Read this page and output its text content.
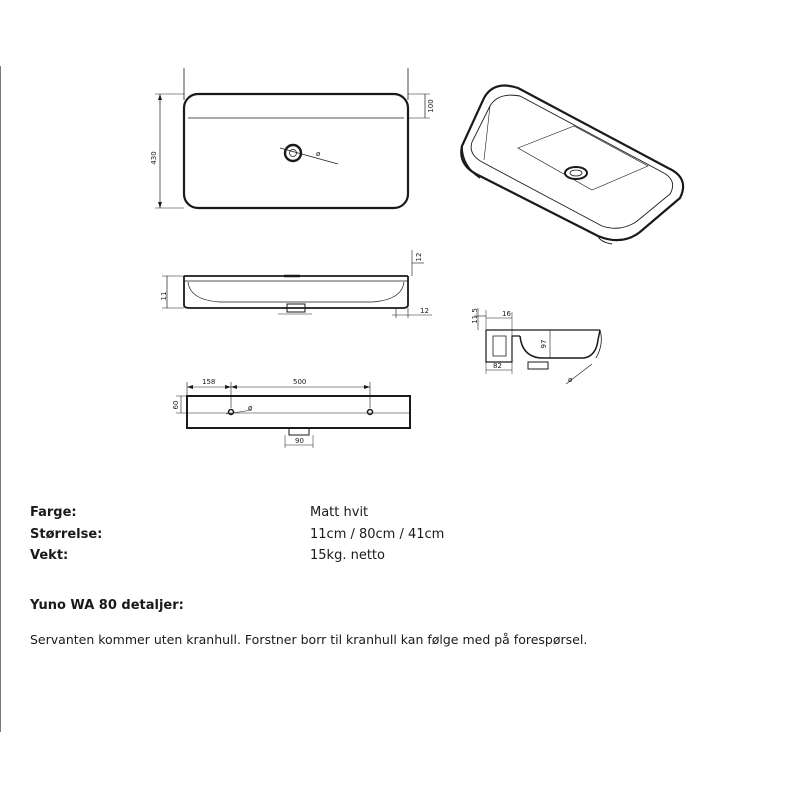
430
100
ø
11
12
12	16
11.5
97
82
ø
158	500
60
90
ø
Farge:	Matt hvit
Størrelse:	11cm / 80cm / 41cm
Vekt:	15kg. netto
Yuno WA 80 detaljer:
Servanten kommer uten kranhull. Forstner borr til kranhull kan følge med på forespørsel.
